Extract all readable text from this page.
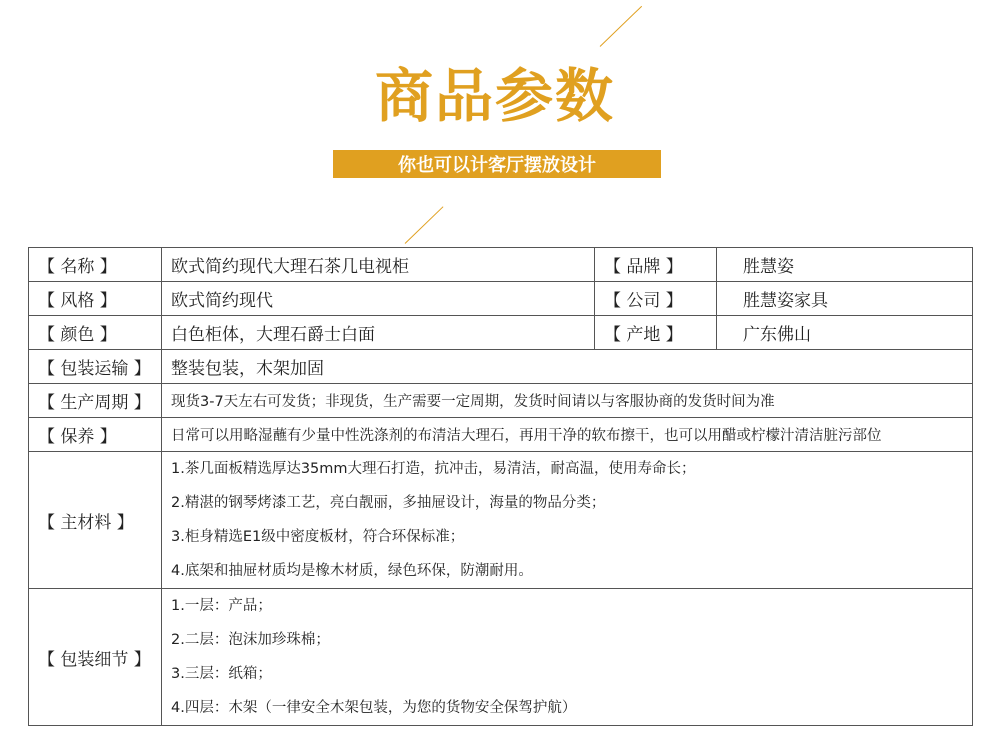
商品参数
你也可以计客厅摆放设计
【 名称 】	欧式简约现代大理石茶几电视柜	【 品牌 】	胜慧姿
【 风格 】	欧式简约现代	【 公司 】	胜慧姿家具
【 颜色 】	白色柜体，大理石爵士白面	【 产地 】	广东佛山
【 包装运输 】	整装包装，木架加固		
【 生产周期 】	现货3-7天左右可发货；非现货，生产需要一定周期，发货时间请以与客服协商的发货时间为准		
【 保养 】	日常可以用略湿蘸有少量中性洗涤剂的布清洁大理石，再用干净的软布擦干，也可以用醋或柠檬汁清洁脏污部位		
【 主材料 】	1.茶几面板精选厚达35mm大理石打造，抗冲击，易清洁，耐高温，使用寿命长；
2.精湛的钢琴烤漆工艺，亮白靓丽，多抽屉设计，海量的物品分类；
3.柜身精选E1级中密度板材，符合环保标准；
4.底架和抽屉材质均是橡木材质，绿色环保，防潮耐用。		

【 包装细节 】	1.一层：产品；
2.二层：泡沫加珍珠棉；
3.三层：纸箱；
4.四层：木架（一律安全木架包装，为您的货物安全保驾护航）		
